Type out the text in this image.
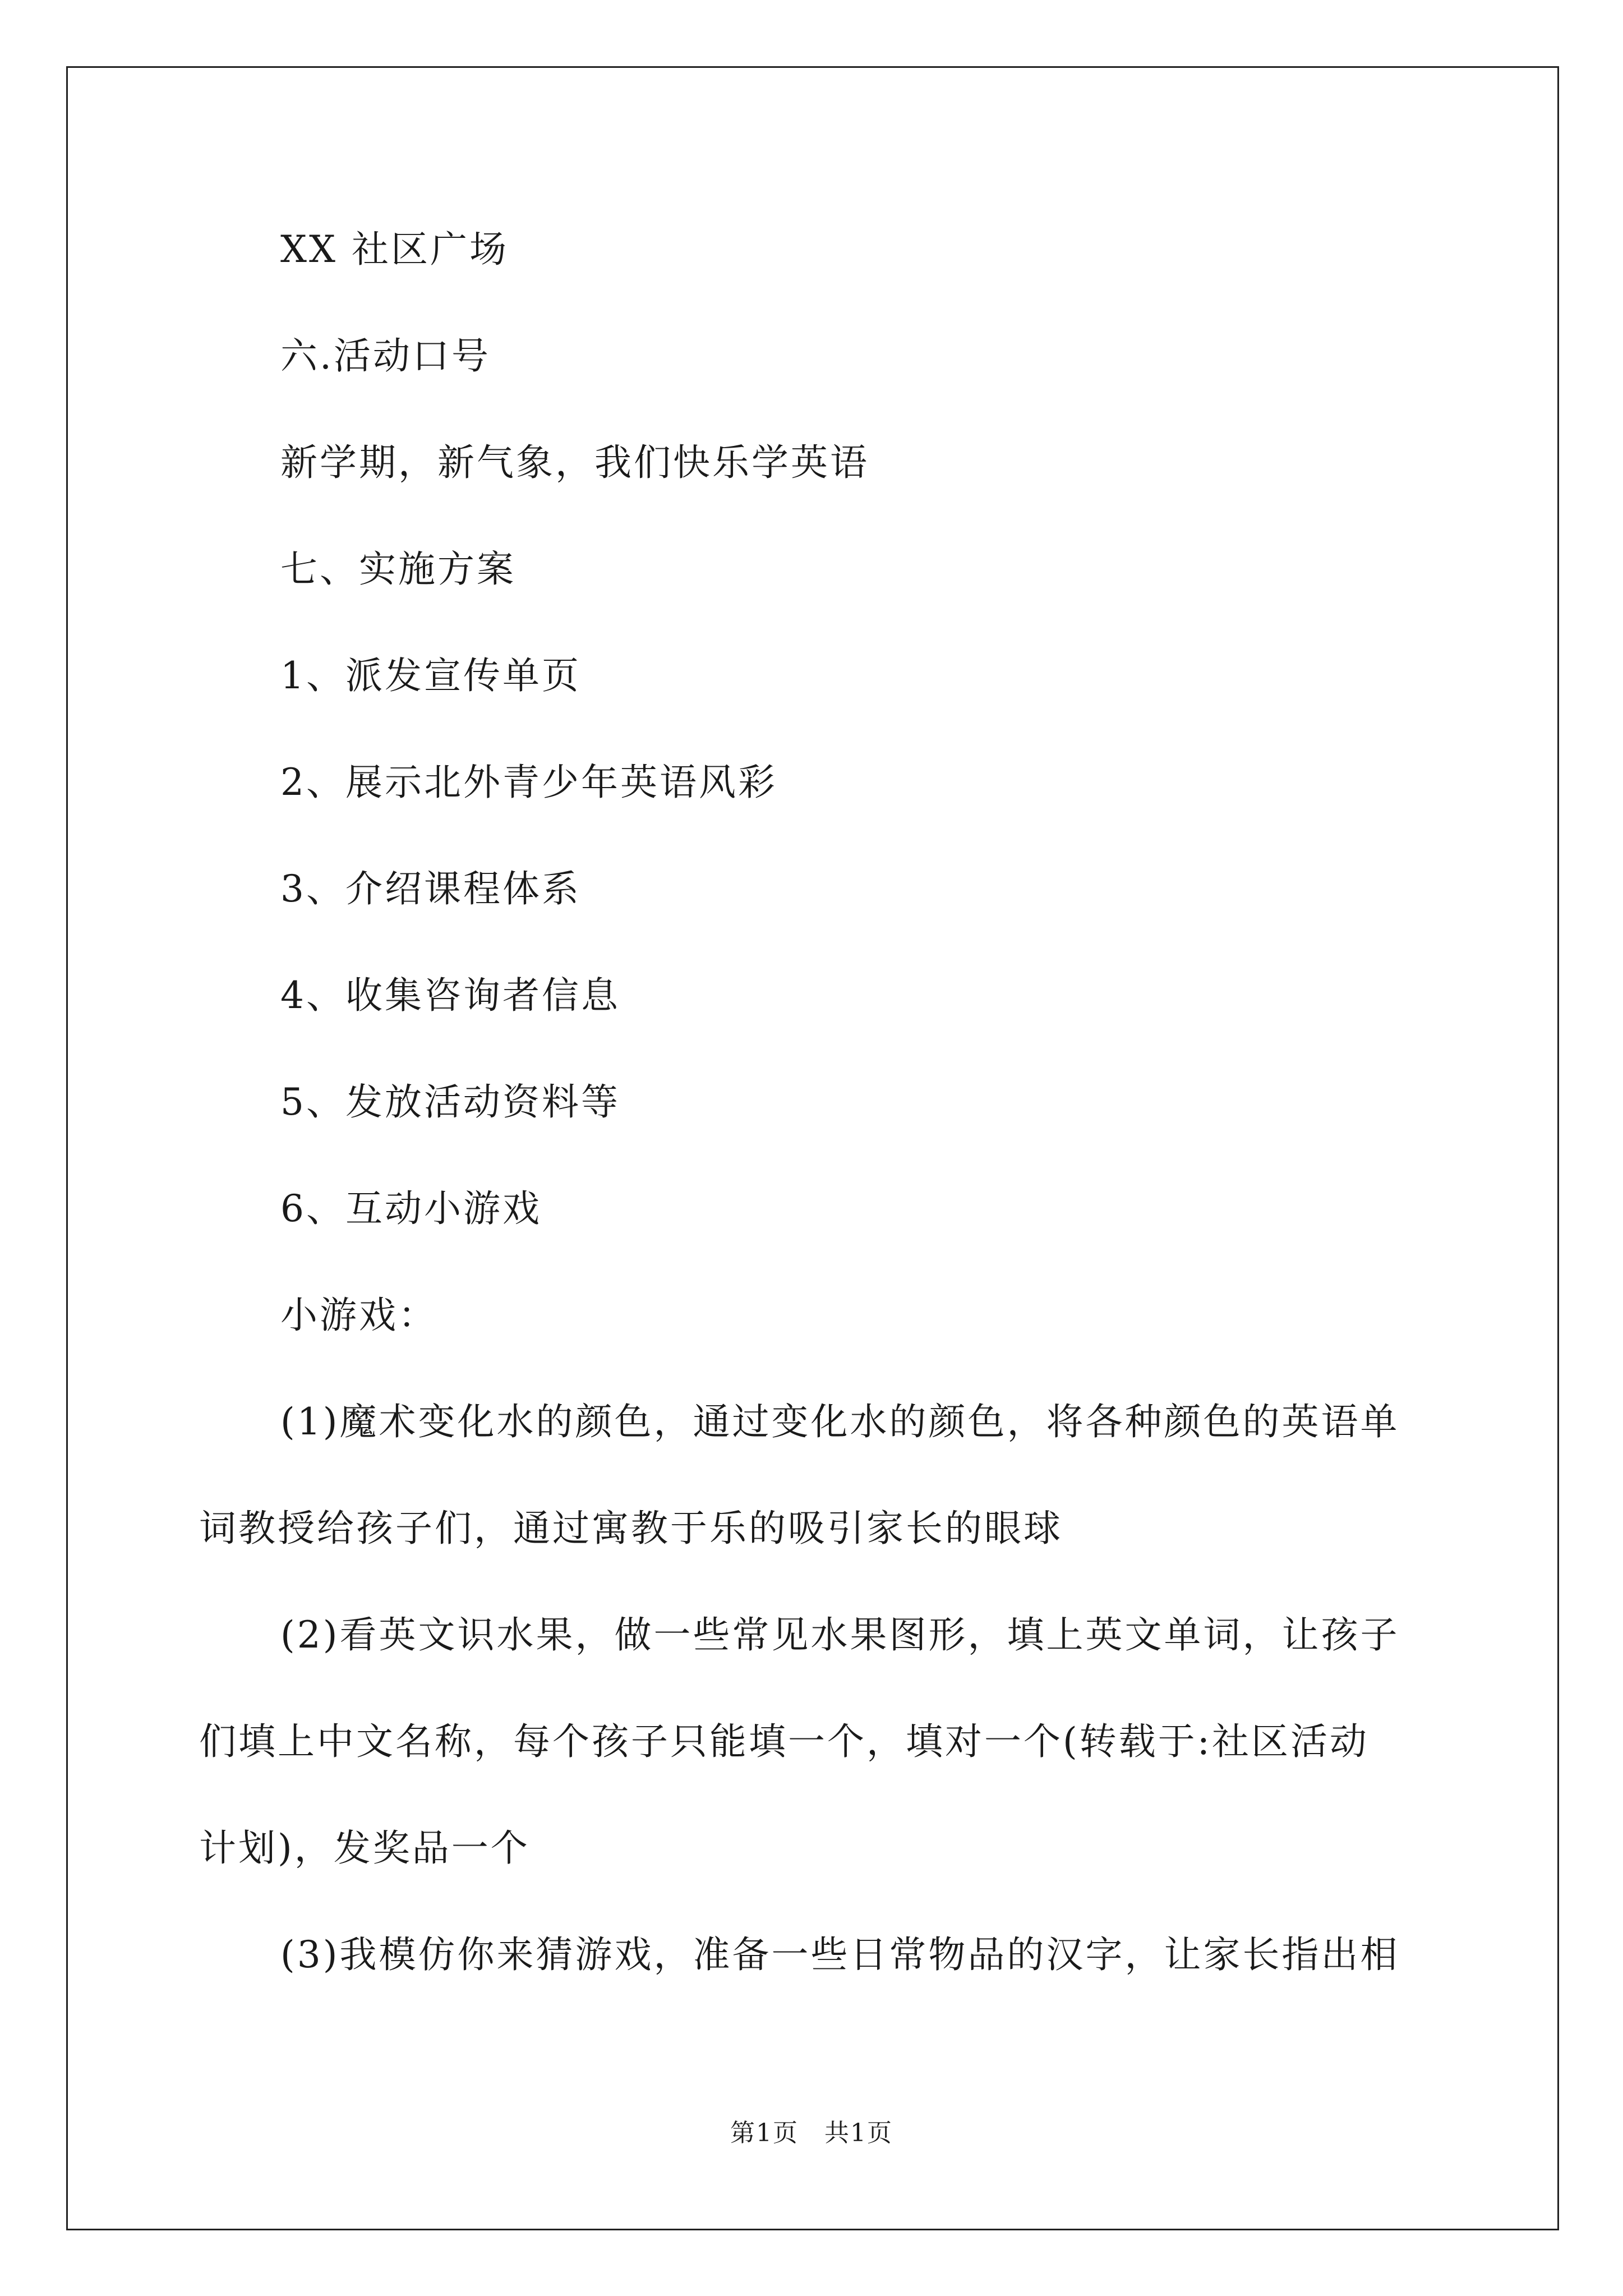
XX 社区广场
六.活动口号
新学期，新气象，我们快乐学英语
七、实施方案
1、派发宣传单页
2、展示北外青少年英语风彩
3、介绍课程体系
4、收集咨询者信息
5、发放活动资料等
6、互动小游戏
小游戏：
(1)魔术变化水的颜色，通过变化水的颜色，将各种颜色的英语单
词教授给孩子们，通过寓教于乐的吸引家长的眼球
(2)看英文识水果，做一些常见水果图形，填上英文单词，让孩子
们填上中文名称，每个孩子只能填一个，填对一个(转载于:社区活动
计划)，发奖品一个
(3)我模仿你来猜游戏，准备一些日常物品的汉字，让家长指出相
第1页　共1页
